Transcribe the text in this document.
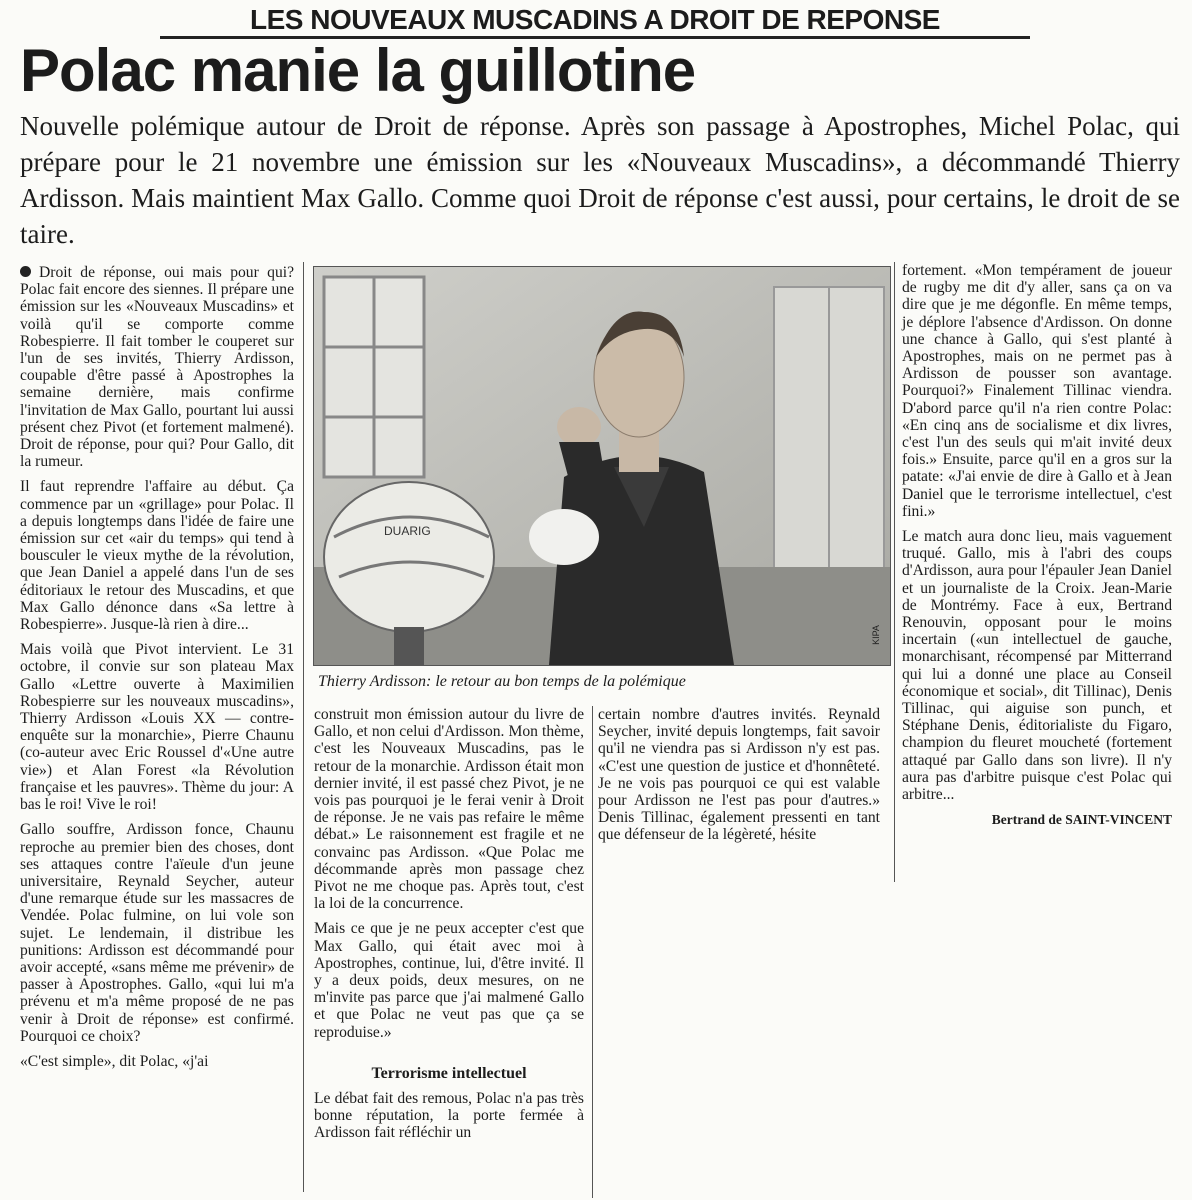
LES NOUVEAUX MUSCADINS A DROIT DE REPONSE
Polac manie la guillotine

Nouvelle polémique autour de Droit de réponse. Après son passage à Apostrophes, Michel Polac, qui prépare pour le 21 novembre une émission sur les «Nouveaux Muscadins», a décommandé Thierry Ardisson. Mais maintient Max Gallo. Comme quoi Droit de réponse c'est aussi, pour certains, le droit de se taire.

Droit de réponse, oui mais pour qui? Polac fait encore des siennes. Il prépare une émission sur les «Nouveaux Muscadins» et voilà qu'il se comporte comme Robespierre. Il fait tomber le couperet sur l'un de ses invités, Thierry Ardisson, coupable d'être passé à Apostrophes la semaine dernière, mais confirme l'invitation de Max Gallo, pourtant lui aussi présent chez Pivot (et fortement malmené). Droit de réponse, pour qui? Pour Gallo, dit la rumeur.

Il faut reprendre l'affaire au début. Ça commence par un «grillage» pour Polac. Il a depuis longtemps dans l'idée de faire une émission sur cet «air du temps» qui tend à bousculer le vieux mythe de la révolution, que Jean Daniel a appelé dans l'un de ses éditoriaux le retour des Muscadins, et que Max Gallo dénonce dans «Sa lettre à Robespierre». Jusque-là rien à dire...

Mais voilà que Pivot intervient. Le 31 octobre, il convie sur son plateau Max Gallo «Lettre ouverte à Maximilien Robespierre sur les nouveaux muscadins», Thierry Ardisson «Louis XX — contre-enquête sur la monarchie», Pierre Chaunu (co-auteur avec Eric Roussel d'«Une autre vie») et Alan Forest «la Révolution française et les pauvres». Thème du jour: A bas le roi! Vive le roi!

Gallo souffre, Ardisson fonce, Chaunu reproche au premier bien des choses, dont ses attaques contre l'aïeule d'un jeune universitaire, Reynald Seycher, auteur d'une remarque étude sur les massacres de Vendée. Polac fulmine, on lui vole son sujet. Le lendemain, il distribue les punitions: Ardisson est décommandé pour avoir accepté, «sans même me prévenir» de passer à Apostrophes. Gallo, «qui lui m'a prévenu et m'a même proposé de ne pas venir à Droit de réponse» est confirmé. Pourquoi ce choix?

«C'est simple», dit Polac, «j'ai

DUARIG
KIPA
Thierry Ardisson: le retour au bon temps de la polémique

construit mon émission autour du livre de Gallo, et non celui d'Ardisson. Mon thème, c'est les Nouveaux Muscadins, pas le retour de la monarchie. Ardisson était mon dernier invité, il est passé chez Pivot, je ne vois pas pourquoi je le ferai venir à Droit de réponse. Je ne vais pas refaire le même débat.» Le raisonnement est fragile et ne convainc pas Ardisson. «Que Polac me décommande après mon passage chez Pivot ne me choque pas. Après tout, c'est la loi de la concurrence.

Mais ce que je ne peux accepter c'est que Max Gallo, qui était avec moi à Apostrophes, continue, lui, d'être invité. Il y a deux poids, deux mesures, on ne m'invite pas parce que j'ai malmené Gallo et que Polac ne veut pas que ça se reproduise.»

Terrorisme intellectuel

Le débat fait des remous, Polac n'a pas très bonne réputation, la porte fermée à Ardisson fait réfléchir un

certain nombre d'autres invités. Reynald Seycher, invité depuis longtemps, fait savoir qu'il ne viendra pas si Ardisson n'y est pas. «C'est une question de justice et d'honnêteté. Je ne vois pas pourquoi ce qui est valable pour Ardisson ne l'est pas pour d'autres.» Denis Tillinac, également pressenti en tant que défenseur de la légèreté, hésite

fortement. «Mon tempérament de joueur de rugby me dit d'y aller, sans ça on va dire que je me dégonfle. En même temps, je déplore l'absence d'Ardisson. On donne une chance à Gallo, qui s'est planté à Apostrophes, mais on ne permet pas à Ardisson de pousser son avantage. Pourquoi?» Finalement Tillinac viendra. D'abord parce qu'il n'a rien contre Polac: «En cinq ans de socialisme et dix livres, c'est l'un des seuls qui m'ait invité deux fois.» Ensuite, parce qu'il en a gros sur la patate: «J'ai envie de dire à Gallo et à Jean Daniel que le terrorisme intellectuel, c'est fini.»

Le match aura donc lieu, mais vaguement truqué. Gallo, mis à l'abri des coups d'Ardisson, aura pour l'épauler Jean Daniel et un journaliste de la Croix. Jean-Marie de Montrémy. Face à eux, Bertrand Renouvin, opposant pour le moins incertain («un intellectuel de gauche, monarchisant, récompensé par Mitterrand qui lui a donné une place au Conseil économique et social», dit Tillinac), Denis Tillinac, qui aiguise son punch, et Stéphane Denis, éditorialiste du Figaro, champion du fleuret moucheté (fortement attaqué par Gallo dans son livre). Il n'y aura pas d'arbitre puisque c'est Polac qui arbitre...

Bertrand de SAINT-VINCENT
